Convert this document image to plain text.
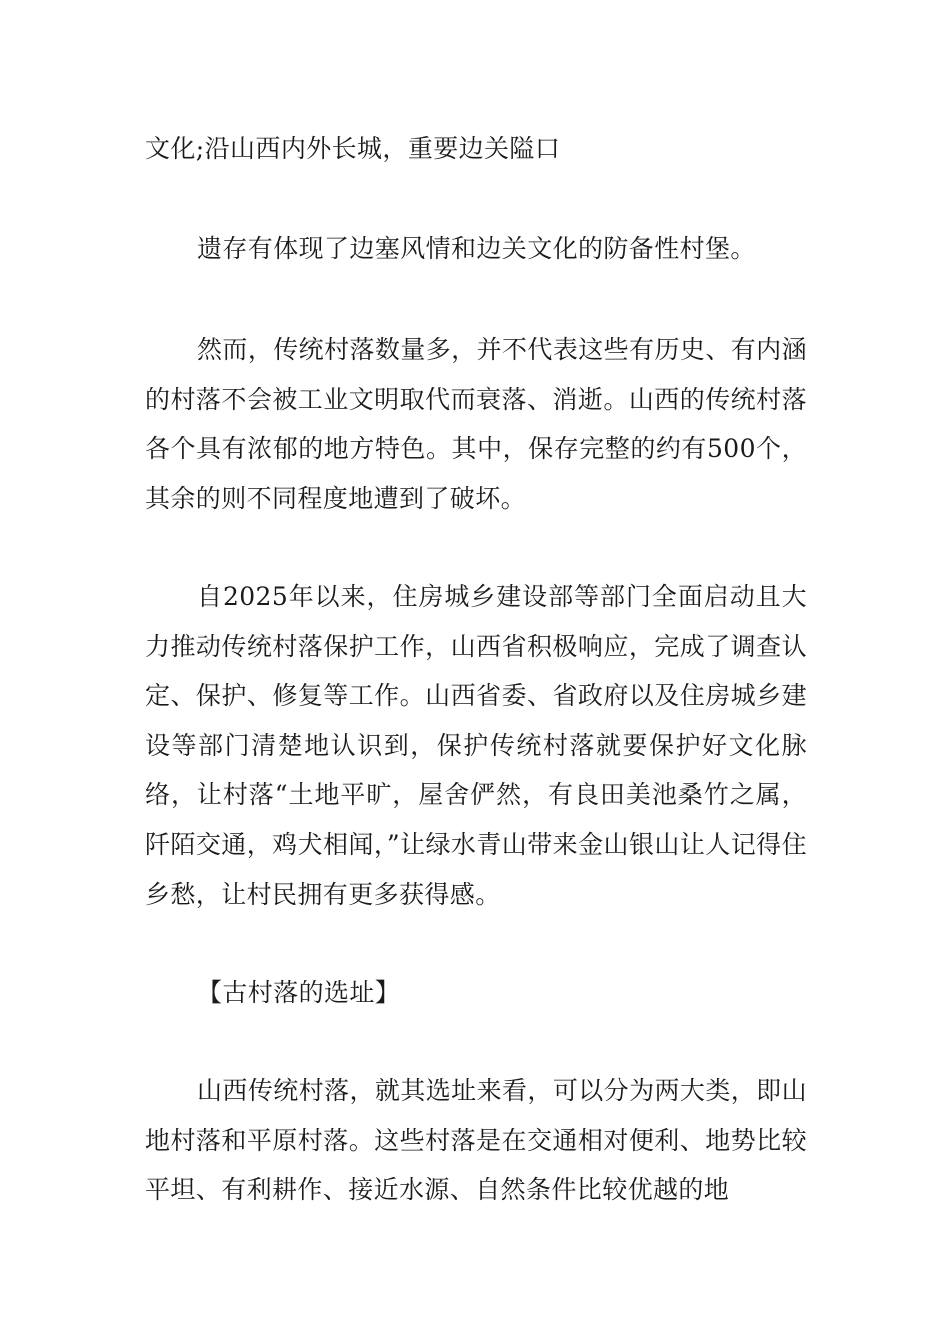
文化;沿山西内外长城，重要边关隘口

遗存有体现了边塞风情和边关文化的防备性村堡。

然而，传统村落数量多，并不代表这些有历史、有内涵的村落不会被工业文明取代而衰落、消逝。山西的传统村落各个具有浓郁的地方特色。其中，保存完整的约有500个，其余的则不同程度地遭到了破坏。

自2025年以来，住房城乡建设部等部门全面启动且大力推动传统村落保护工作，山西省积极响应，完成了调查认定、保护、修复等工作。山西省委、省政府以及住房城乡建设等部门清楚地认识到，保护传统村落就要保护好文化脉络，让村落“土地平旷，屋舍俨然，有良田美池桑竹之属，阡陌交通，鸡犬相闻，”让绿水青山带来金山银山让人记得住乡愁，让村民拥有更多获得感。

【古村落的选址】

山西传统村落，就其选址来看，可以分为两大类，即山地村落和平原村落。这些村落是在交通相对便利、地势比较平坦、有利耕作、接近水源、自然条件比较优越的地
